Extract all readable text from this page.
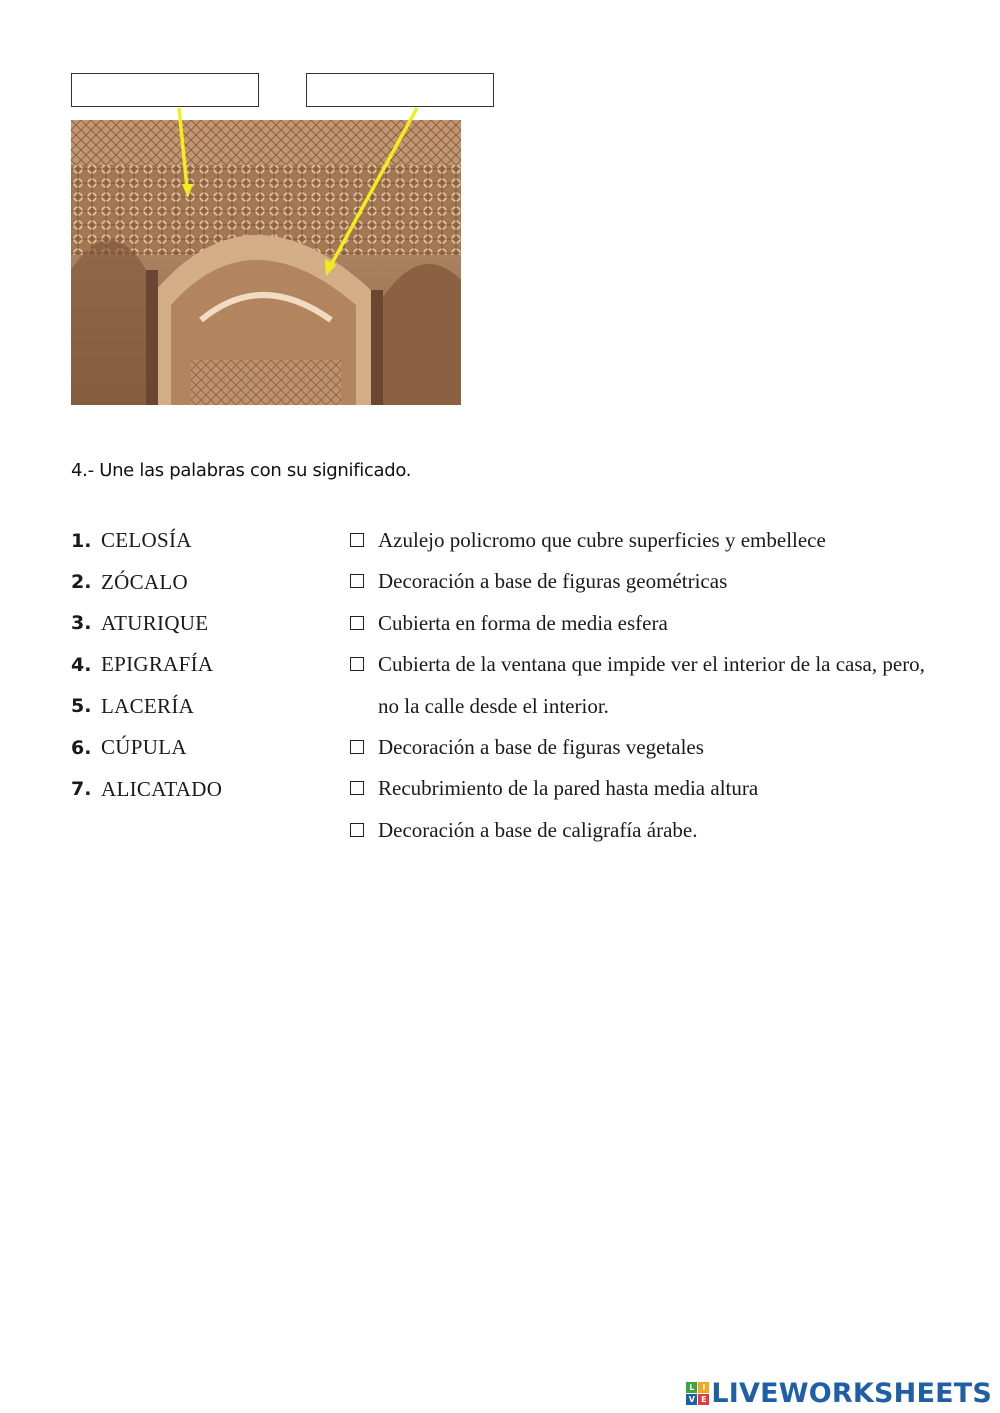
4.- Une las palabras con su significado.
1. CELOSÍA
2. ZÓCALO
3. ATURIQUE
4. EPIGRAFÍA
5. LACERÍA
6. CÚPULA
7. ALICATADO
Azulejo policromo que cubre superficies y embellece
Decoración a base de figuras geométricas
Cubierta en forma de media esfera
Cubierta de la ventana que impide ver el interior de la casa, pero, no la calle desde el interior.
Decoración a base de figuras vegetales
Recubrimiento de la pared hasta media altura
Decoración a base de caligrafía árabe.
L I
V E LIVEWORKSHEETS
